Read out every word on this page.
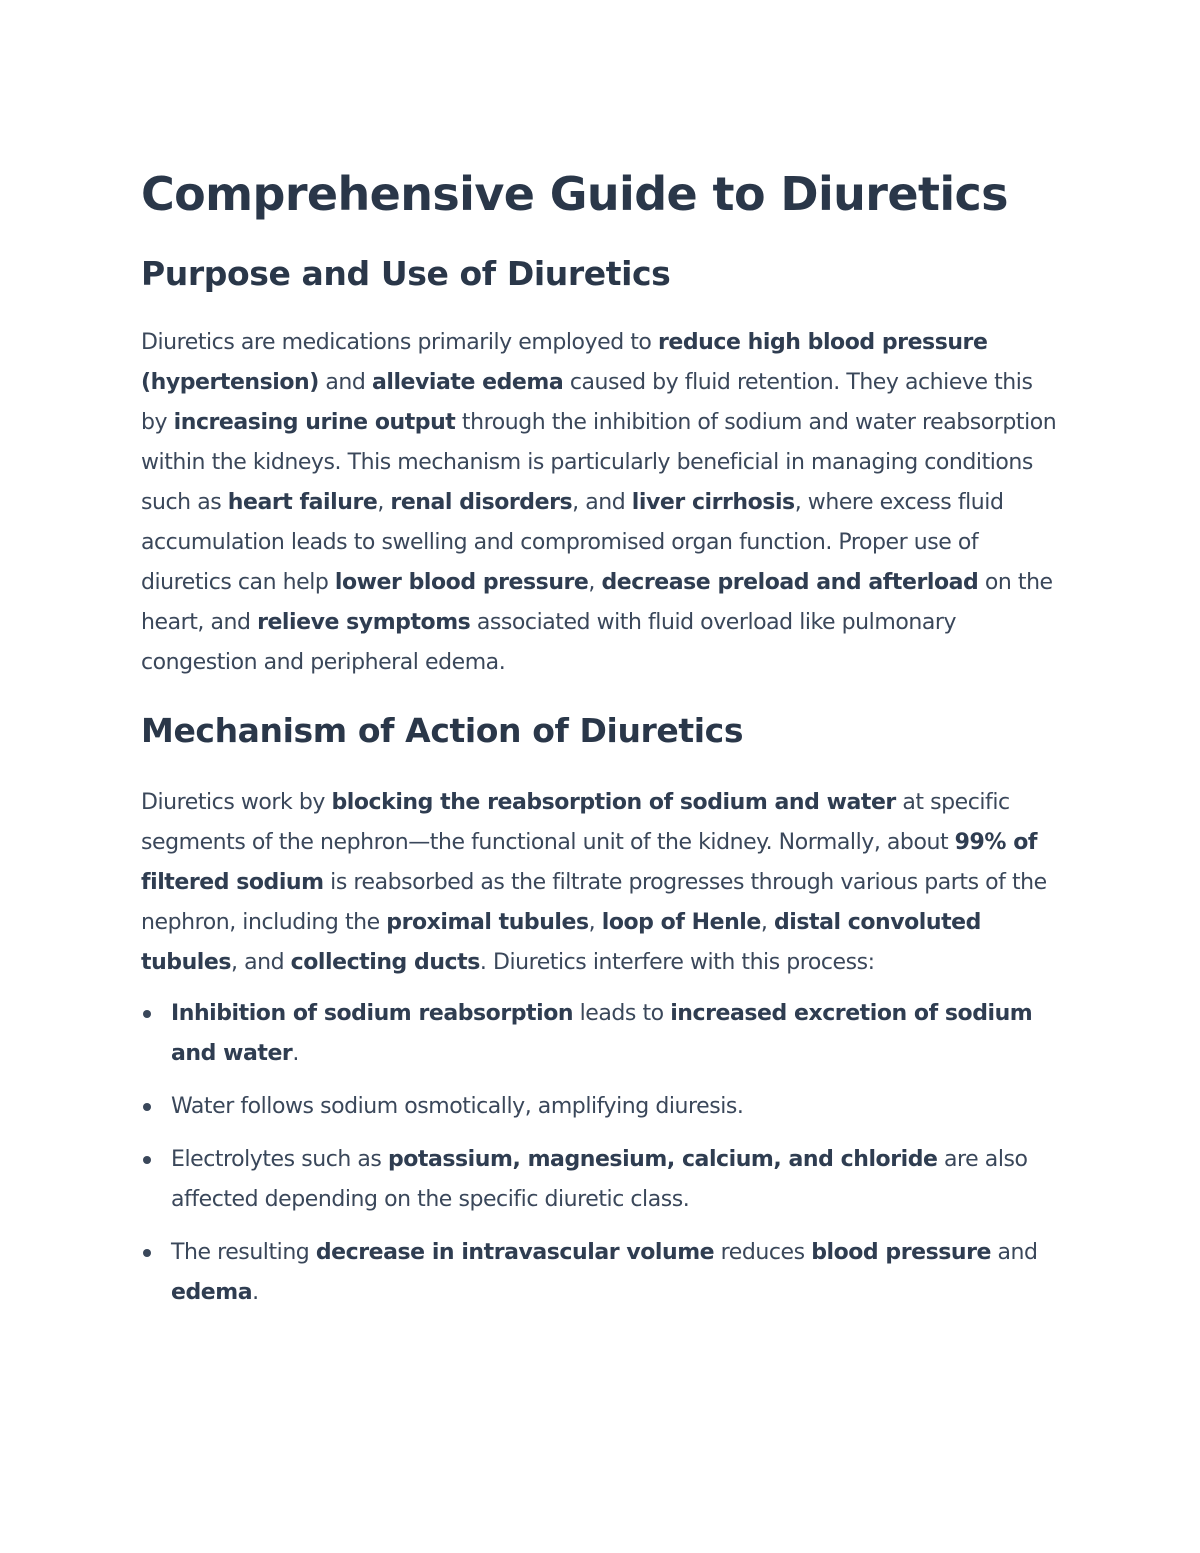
Comprehensive Guide to Diuretics
Purpose and Use of Diuretics

Diuretics are medications primarily employed to reduce high blood pressure (hypertension) and alleviate edema caused by fluid retention. They achieve this by increasing urine output through the inhibition of sodium and water reabsorption within the kidneys. This mechanism is particularly beneficial in managing conditions such as heart failure, renal disorders, and liver cirrhosis, where excess fluid accumulation leads to swelling and compromised organ function. Proper use of diuretics can help lower blood pressure, decrease preload and afterload on the heart, and relieve symptoms associated with fluid overload like pulmonary congestion and peripheral edema.

Mechanism of Action of Diuretics

Diuretics work by blocking the reabsorption of sodium and water at specific segments of the nephron—the functional unit of the kidney. Normally, about 99% of filtered sodium is reabsorbed as the filtrate progresses through various parts of the nephron, including the proximal tubules, loop of Henle, distal convoluted tubules, and collecting ducts. Diuretics interfere with this process:

Inhibition of sodium reabsorption leads to increased excretion of sodium and water.
Water follows sodium osmotically, amplifying diuresis.
Electrolytes such as potassium, magnesium, calcium, and chloride are also affected depending on the specific diuretic class.
The resulting decrease in intravascular volume reduces blood pressure and edema.
